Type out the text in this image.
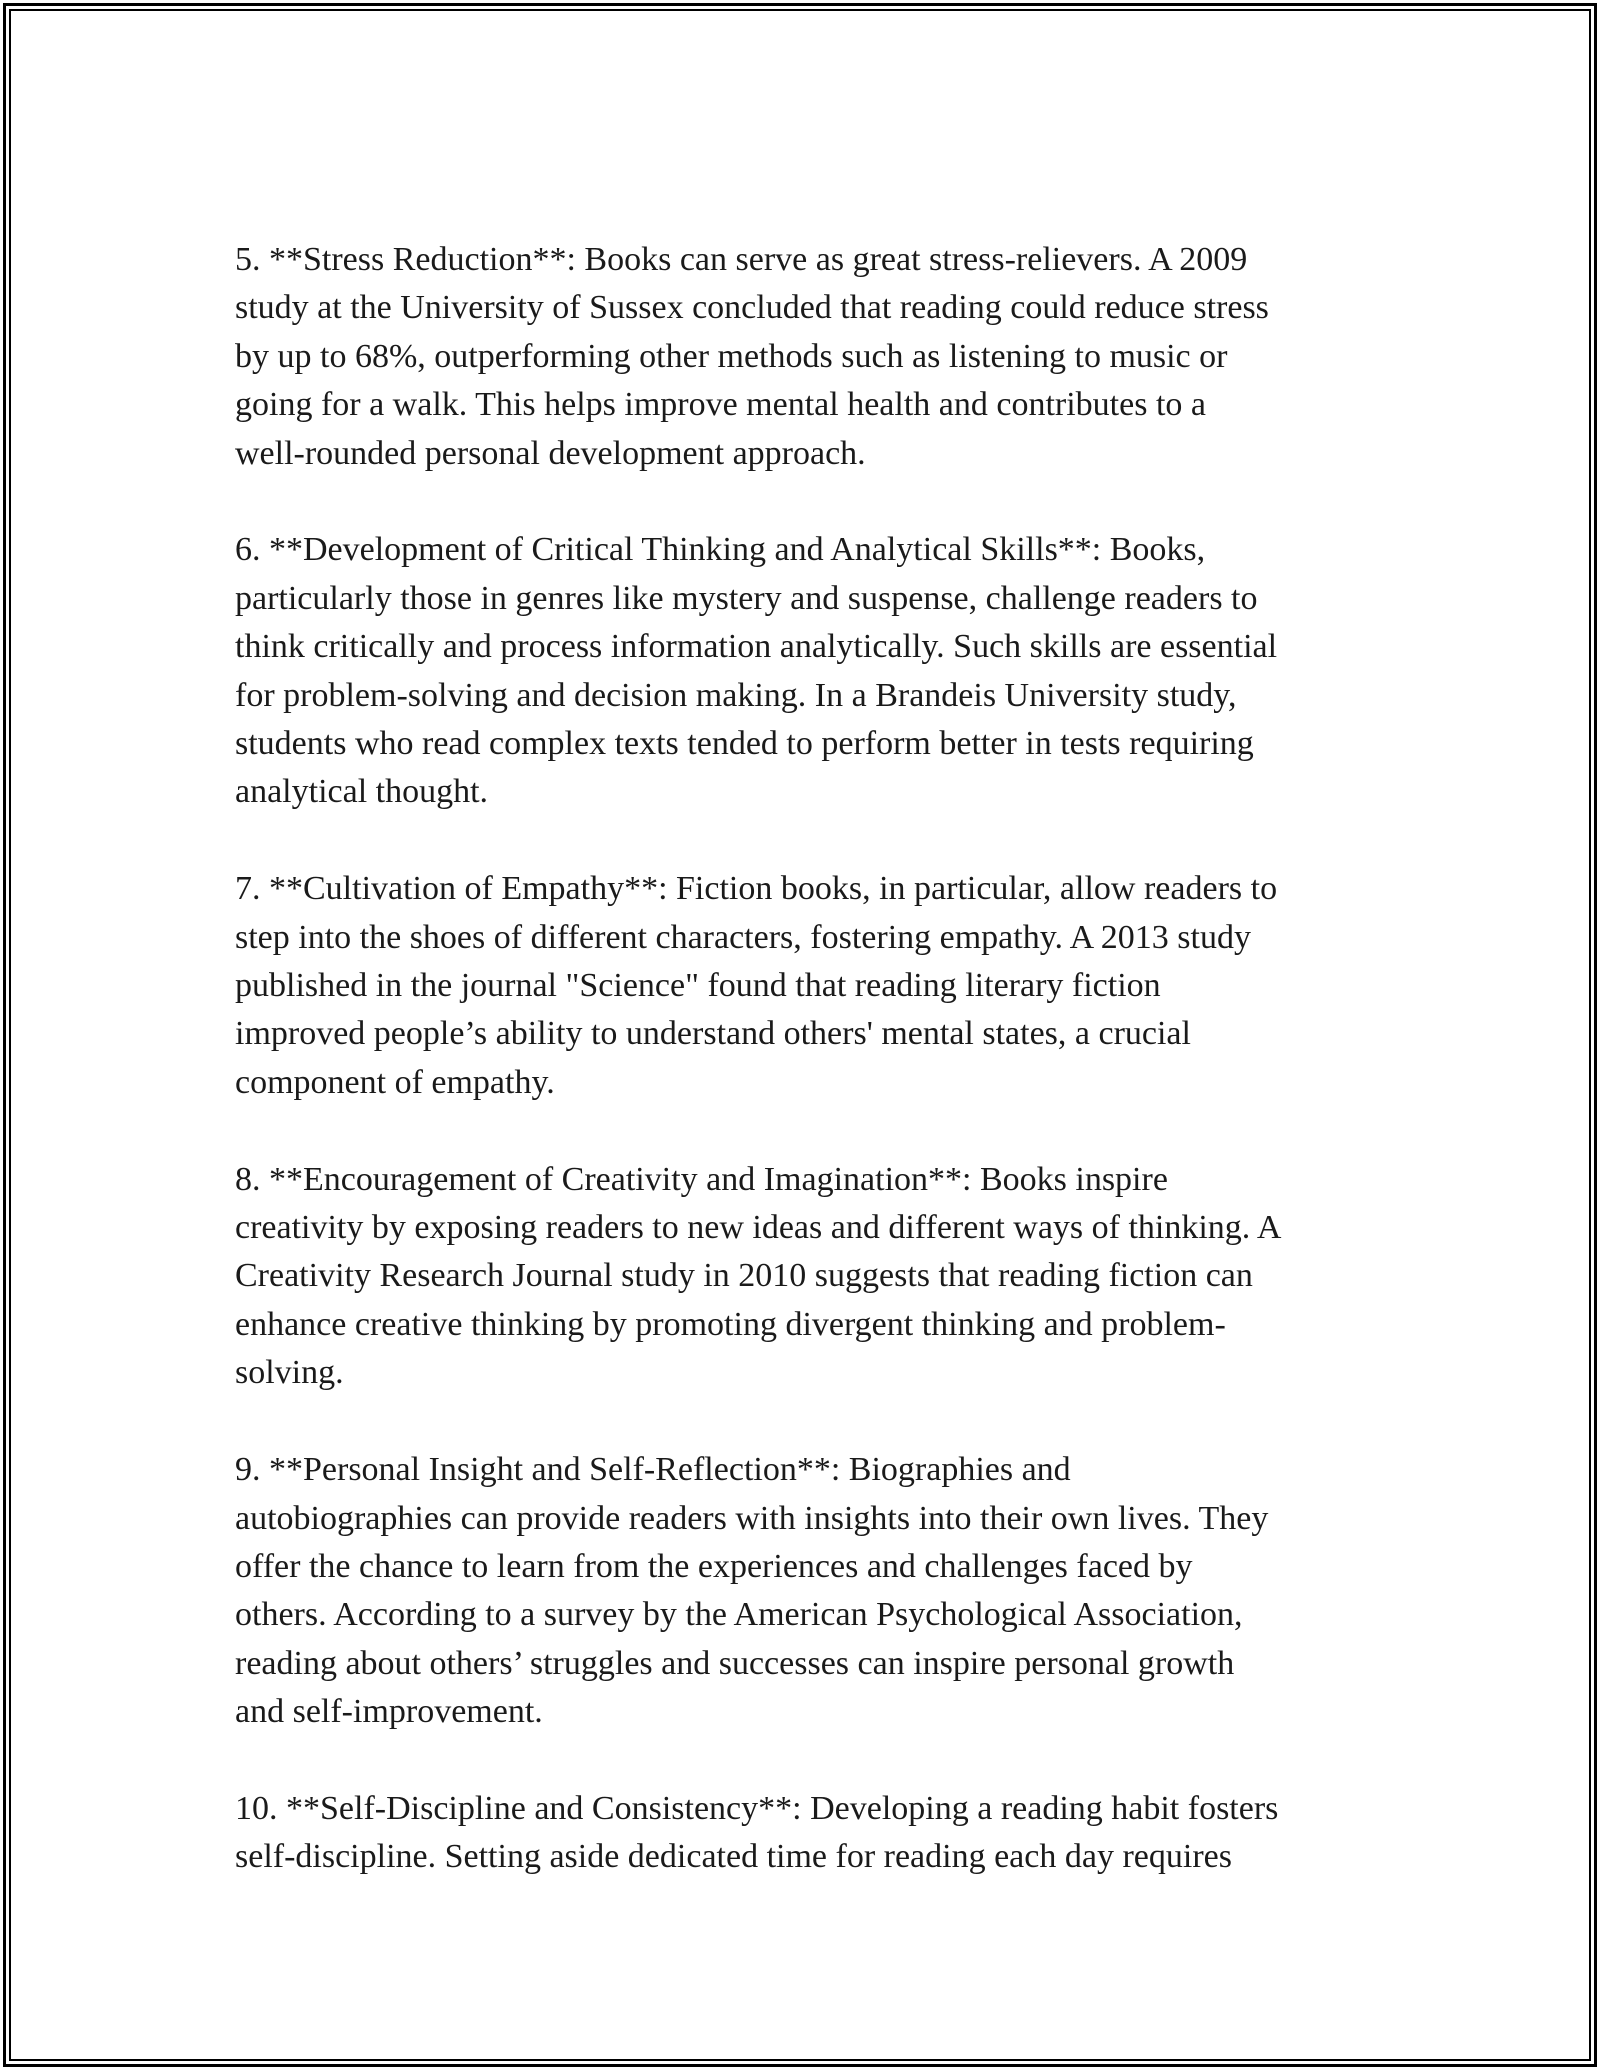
5. **Stress Reduction**: Books can serve as great stress-relievers. A 2009
study at the University of Sussex concluded that reading could reduce stress
by up to 68%, outperforming other methods such as listening to music or
going for a walk. This helps improve mental health and contributes to a
well-rounded personal development approach.

6. **Development of Critical Thinking and Analytical Skills**: Books,
particularly those in genres like mystery and suspense, challenge readers to
think critically and process information analytically. Such skills are essential
for problem-solving and decision making. In a Brandeis University study,
students who read complex texts tended to perform better in tests requiring
analytical thought.

7. **Cultivation of Empathy**: Fiction books, in particular, allow readers to
step into the shoes of different characters, fostering empathy. A 2013 study
published in the journal "Science" found that reading literary fiction
improved people’s ability to understand others' mental states, a crucial
component of empathy.

8. **Encouragement of Creativity and Imagination**: Books inspire
creativity by exposing readers to new ideas and different ways of thinking. A
Creativity Research Journal study in 2010 suggests that reading fiction can
enhance creative thinking by promoting divergent thinking and problem-
solving.

9. **Personal Insight and Self-Reflection**: Biographies and
autobiographies can provide readers with insights into their own lives. They
offer the chance to learn from the experiences and challenges faced by
others. According to a survey by the American Psychological Association,
reading about others’ struggles and successes can inspire personal growth
and self-improvement.

10. **Self-Discipline and Consistency**: Developing a reading habit fosters
self-discipline. Setting aside dedicated time for reading each day requires
